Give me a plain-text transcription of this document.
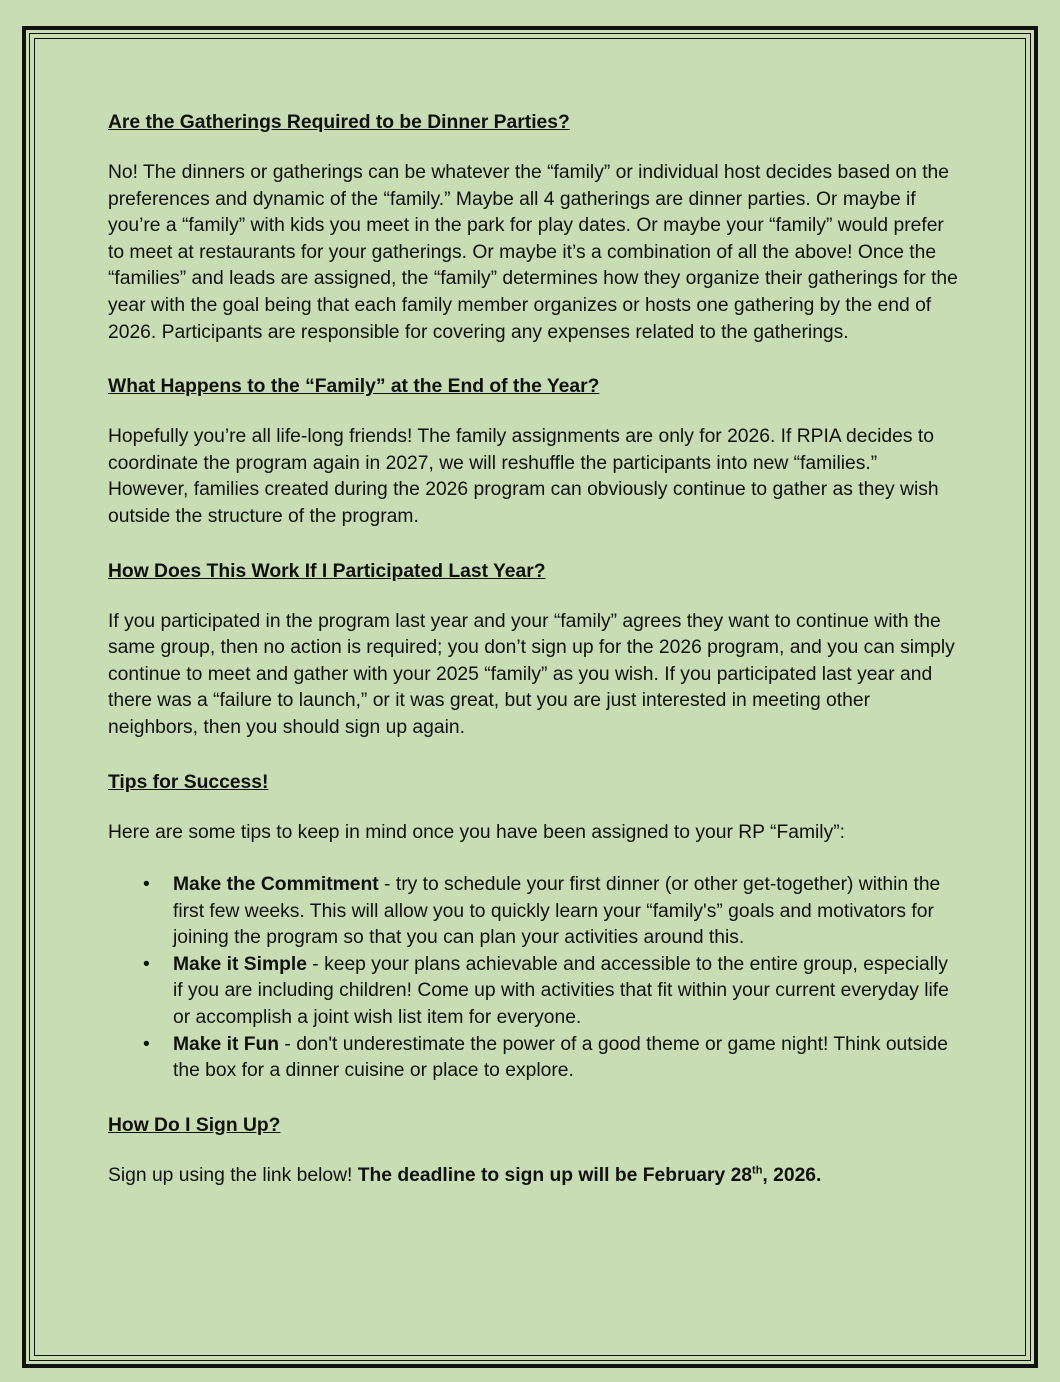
Are the Gatherings Required to be Dinner Parties?

No! The dinners or gatherings can be whatever the “family” or individual host decides based on the preferences and dynamic of the “family.” Maybe all 4 gatherings are dinner parties. Or maybe if you’re a “family” with kids you meet in the park for play dates. Or maybe your “family” would prefer to meet at restaurants for your gatherings. Or maybe it’s a combination of all the above! Once the “families” and leads are assigned, the “family” determines how they organize their gatherings for the year with the goal being that each family member organizes or hosts one gathering by the end of 2026. Participants are responsible for covering any expenses related to the gatherings.

What Happens to the “Family” at the End of the Year?

Hopefully you’re all life-long friends! The family assignments are only for 2026. If RPIA decides to coordinate the program again in 2027, we will reshuffle the participants into new “families.” However, families created during the 2026 program can obviously continue to gather as they wish outside the structure of the program.

How Does This Work If I Participated Last Year?

If you participated in the program last year and your “family” agrees they want to continue with the same group, then no action is required; you don’t sign up for the 2026 program, and you can simply continue to meet and gather with your 2025 “family” as you wish. If you participated last year and there was a “failure to launch,” or it was great, but you are just interested in meeting other neighbors, then you should sign up again.

Tips for Success!

Here are some tips to keep in mind once you have been assigned to your RP “Family”:

• Make the Commitment - try to schedule your first dinner (or other get-together) within the first few weeks. This will allow you to quickly learn your “family's” goals and motivators for joining the program so that you can plan your activities around this.
• Make it Simple - keep your plans achievable and accessible to the entire group, especially if you are including children! Come up with activities that fit within your current everyday life or accomplish a joint wish list item for everyone.
• Make it Fun - don't underestimate the power of a good theme or game night! Think outside the box for a dinner cuisine or place to explore.
How Do I Sign Up?

Sign up using the link below! The deadline to sign up will be February 28th, 2026.
